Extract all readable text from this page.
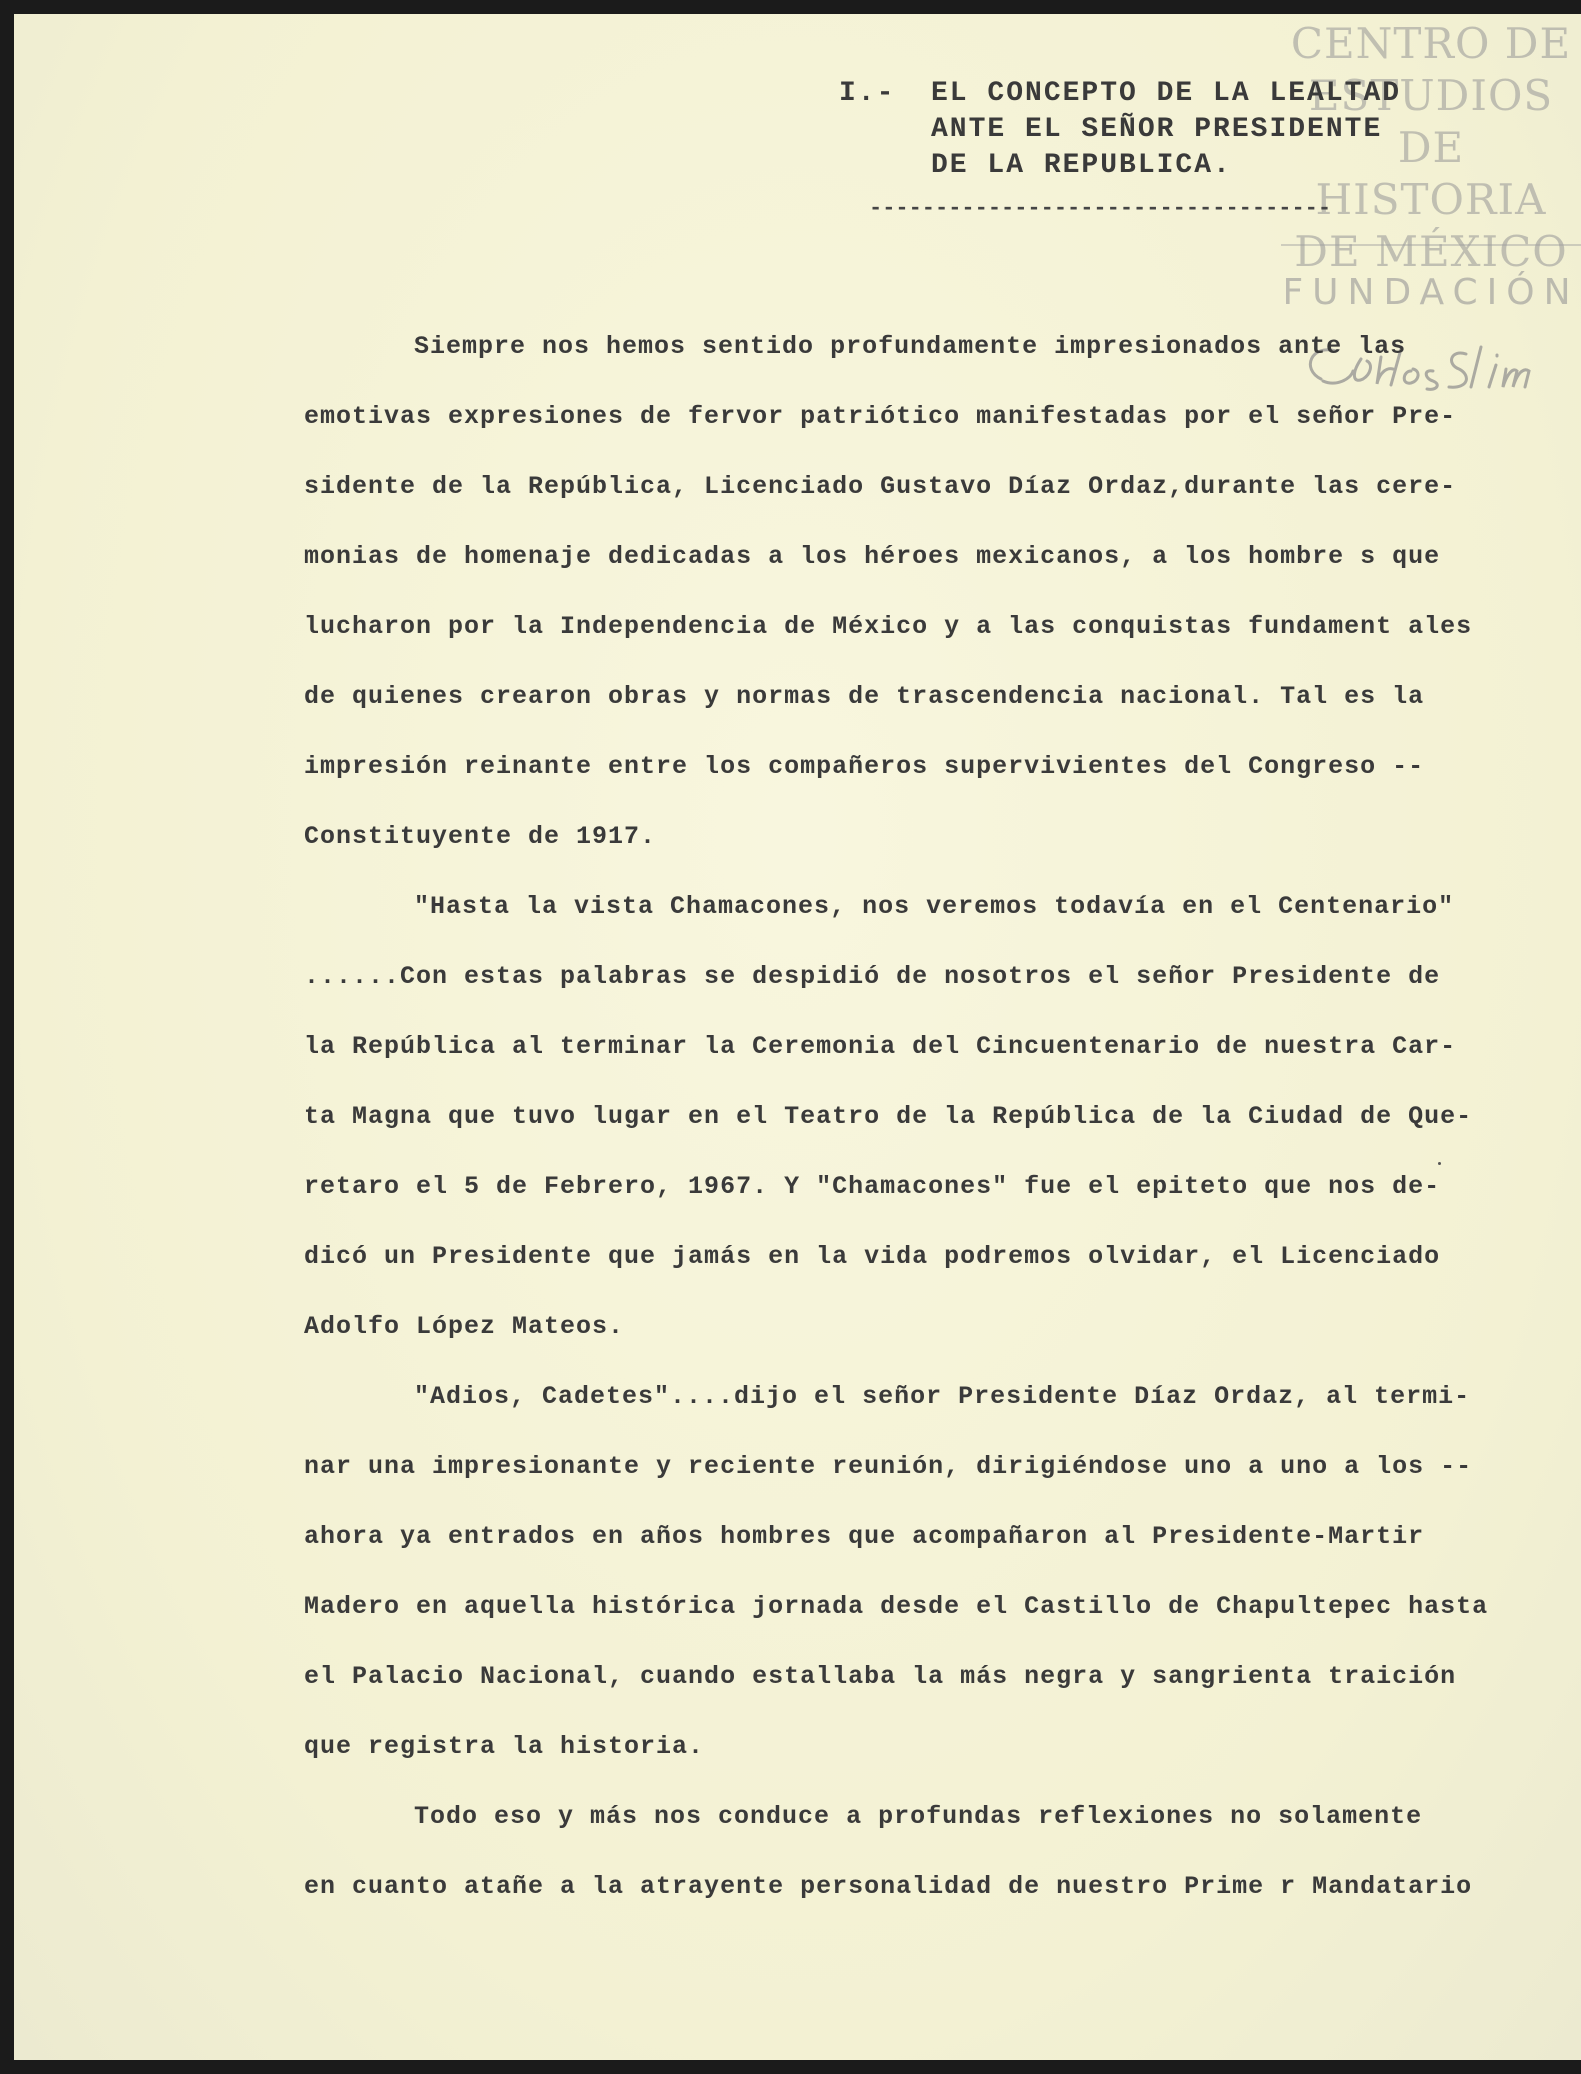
CENTRO DE
ESTUDIOS
DE HISTORIA
DE MÉXICO
FUNDACIÓN
I.- EL CONCEPTO DE LA LEALTAD
ANTE EL SEÑOR PRESIDENTE
DE LA REPUBLICA.
-----------------------------------

Siempre nos hemos sentido profundamente impresionados ante las

emotivas expresiones de fervor patriótico manifestadas por el señor Pre-

sidente de la República, Licenciado Gustavo Díaz Ordaz,durante las cere-

monias de homenaje dedicadas a los héroes mexicanos, a los hombre s que

lucharon por la Independencia de México y a las conquistas fundament ales

de quienes crearon obras y normas de trascendencia nacional. Tal es la

impresión reinante entre los compañeros supervivientes del Congreso --

Constituyente de 1917.

"Hasta la vista Chamacones, nos veremos todavía en el Centenario"

......Con estas palabras se despidió de nosotros el señor Presidente de

la República al terminar la Ceremonia del Cincuentenario de nuestra Car-

ta Magna que tuvo lugar en el Teatro de la República de la Ciudad de Que-

retaro el 5 de Febrero, 1967. Y "Chamacones" fue el epiteto que nos de-

dicó un Presidente que jamás en la vida podremos olvidar, el Licenciado

Adolfo López Mateos.

"Adios, Cadetes"....dijo el señor Presidente Díaz Ordaz, al termi-

nar una impresionante y reciente reunión, dirigiéndose uno a uno a los --

ahora ya entrados en años hombres que acompañaron al Presidente-Martir

Madero en aquella histórica jornada desde el Castillo de Chapultepec hasta

el Palacio Nacional, cuando estallaba la más negra y sangrienta traición

que registra la historia.

Todo eso y más nos conduce a profundas reflexiones no solamente

en cuanto atañe a la atrayente personalidad de nuestro Prime r Mandatario
